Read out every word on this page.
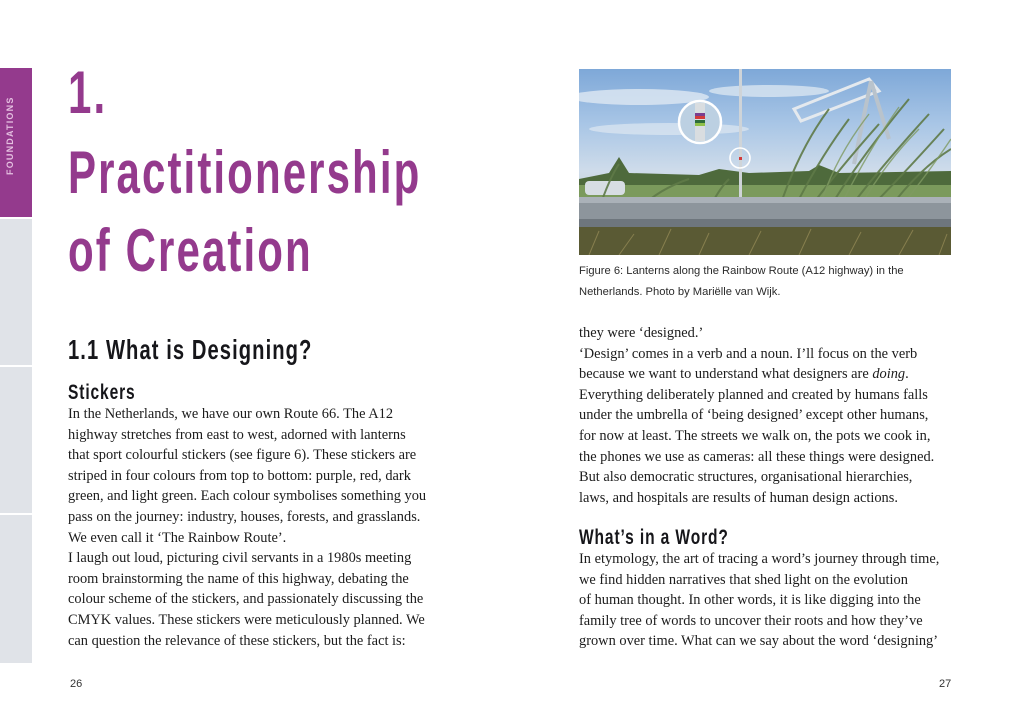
1.
Practitionership
of Creation
1.1 What is Designing?
Stickers
In the Netherlands, we have our own Route 66. The A12
highway stretches from east to west, adorned with lanterns
that sport colourful stickers (see figure 6). These stickers are
striped in four colours from top to bottom: purple, red, dark
green, and light green. Each colour symbolises something you
pass on the journey: industry, houses, forests, and grasslands.
We even call it ‘The Rainbow Route’.
I laugh out loud, picturing civil servants in a 1980s meeting
room brainstorming the name of this highway, debating the
colour scheme of the stickers, and passionately discussing the
CMYK values. These stickers were meticulously planned. We
can question the relevance of these stickers, but the fact is:
26
Figure 6: Lanterns along the Rainbow Route (A12 highway) in the
Netherlands. Photo by Mariëlle van Wijk.
they were ‘designed.’
‘Design’ comes in a verb and a noun. I’ll focus on the verb
because we want to understand what designers are doing.
Everything deliberately planned and created by humans falls
under the umbrella of ‘being designed’ except other humans,
for now at least. The streets we walk on, the pots we cook in,
the phones we use as cameras: all these things were designed.
But also democratic structures, organisational hierarchies,
laws, and hospitals are results of human design actions.
What’s in a Word?
In etymology, the art of tracing a word’s journey through time,
we find hidden narratives that shed light on the evolution
of human thought. In other words, it is like digging into the
family tree of words to uncover their roots and how they’ve
grown over time. What can we say about the word ‘designing’
27
